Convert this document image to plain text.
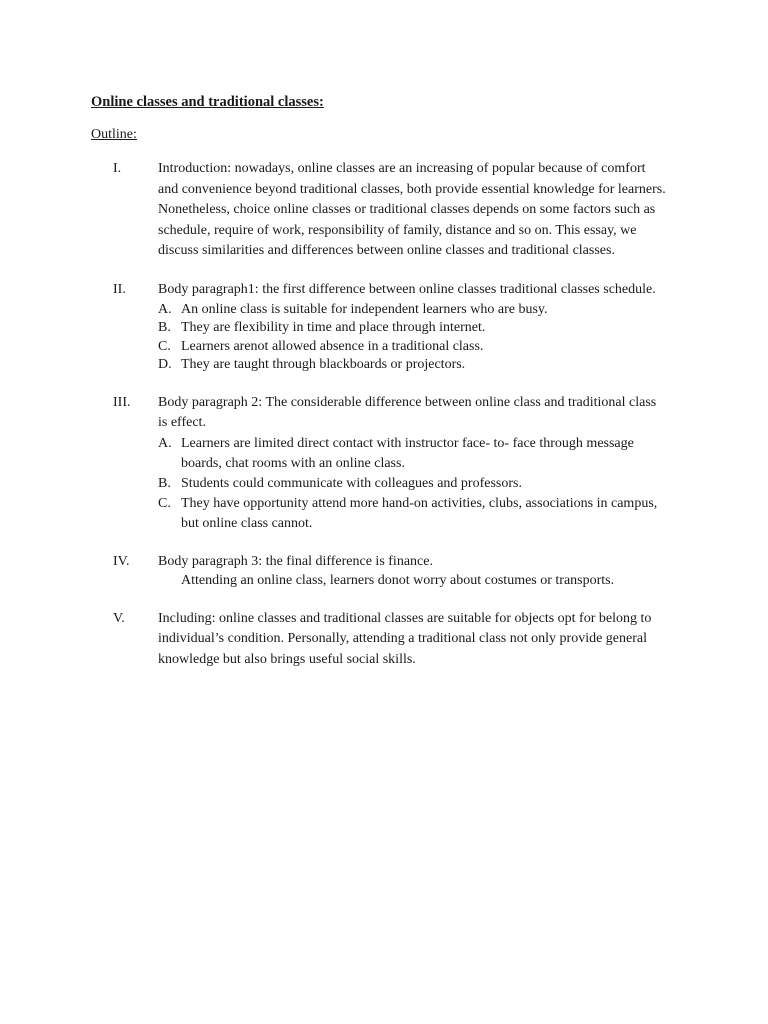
Online classes and traditional classes:
Outline:
I.	Introduction: nowadays, online classes are an increasing of popular because of comfort and convenience beyond traditional classes, both provide essential knowledge for learners. Nonetheless, choice online classes or traditional classes depends on some factors such as schedule, require of work, responsibility of family, distance and so on. This essay, we discuss similarities and differences between online classes and traditional classes.
II. Body paragraph1: the first difference between online classes traditional classes schedule.
A. An online class is suitable for independent learners who are busy.
B. They are flexibility in time and place through internet.
C. Learners arenot allowed absence in a traditional class.
D. They are taught through blackboards or projectors.
III. Body paragraph 2: The considerable difference between online class and traditional class is effect.
A. Learners are limited direct contact with instructor face- to- face through message boards, chat rooms with an online class.
B. Students could communicate with colleagues and professors.
C. They have opportunity attend more hand-on activities, clubs, associations in campus, but online class cannot.
IV. Body paragraph 3: the final difference is finance.
Attending an online class, learners donot worry about costumes or transports.
V. Including: online classes and traditional classes are suitable for objects opt for belong to individual’s condition. Personally, attending a traditional class not only provide general knowledge but also brings useful social skills.
